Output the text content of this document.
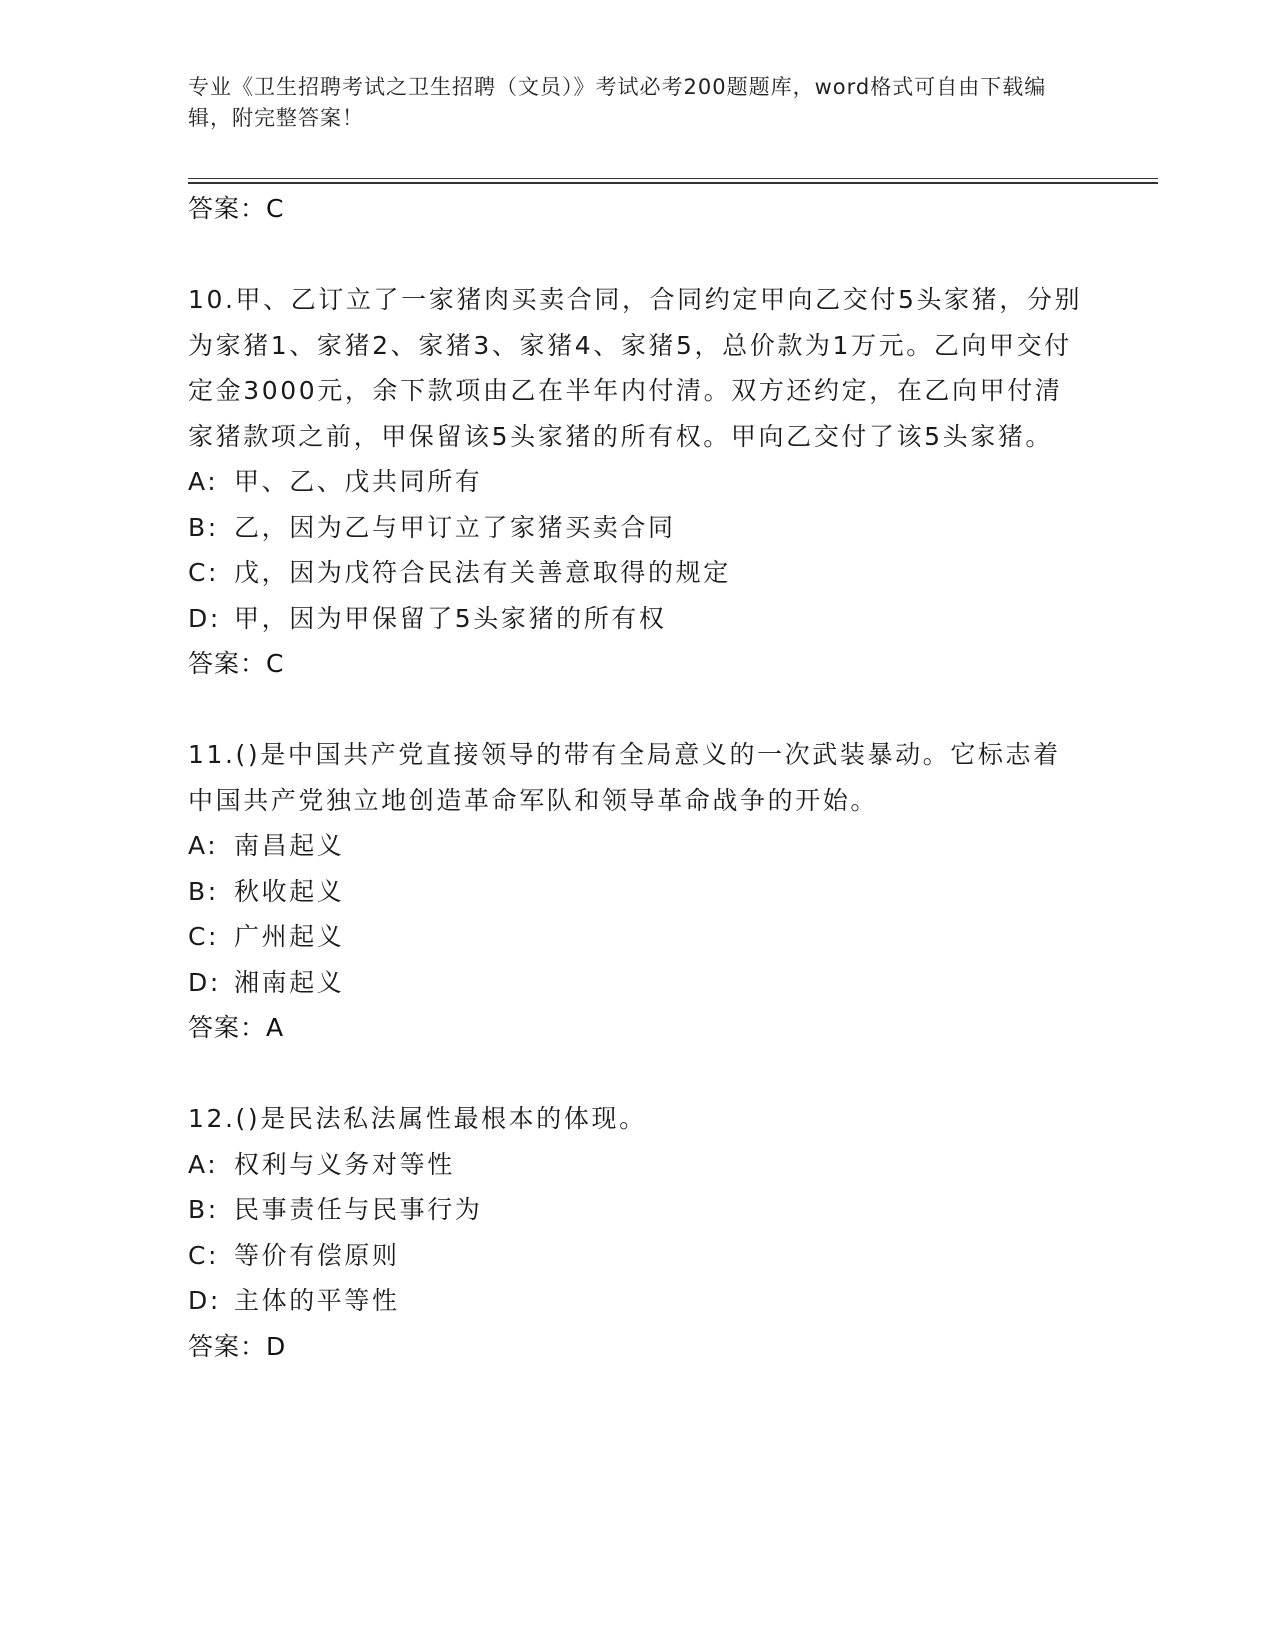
专业《卫生招聘考试之卫生招聘（文员）》考试必考200题题库，word格式可自由下载编辑，附完整答案！
答案：C
10.甲、乙订立了一家猪肉买卖合同，合同约定甲向乙交付5头家猪，分别为家猪1、家猪2、家猪3、家猪4、家猪5，总价款为1万元。乙向甲交付定金3000元，余下款项由乙在半年内付清。双方还约定，在乙向甲付清家猪款项之前，甲保留该5头家猪的所有权。甲向乙交付了该5头家猪。
A: 甲、乙、戊共同所有
B: 乙，因为乙与甲订立了家猪买卖合同
C: 戊，因为戊符合民法有关善意取得的规定
D: 甲，因为甲保留了5头家猪的所有权
答案：C
11.()是中国共产党直接领导的带有全局意义的一次武装暴动。它标志着中国共产党独立地创造革命军队和领导革命战争的开始。
A: 南昌起义
B: 秋收起义
C: 广州起义
D: 湘南起义
答案：A
12.()是民法私法属性最根本的体现。
A: 权利与义务对等性
B: 民事责任与民事行为
C: 等价有偿原则
D: 主体的平等性
答案：D
